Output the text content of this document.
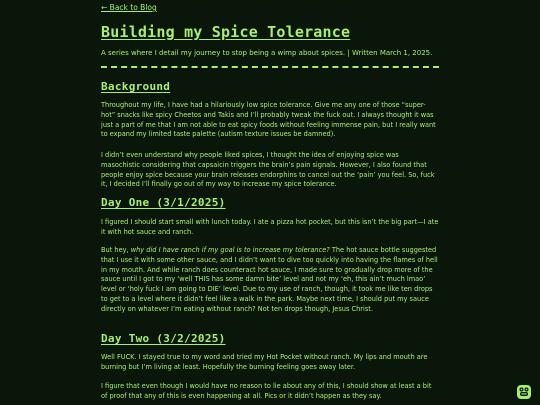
← Back to Blog
Building my Spice Tolerance
A series where I detail my journey to stop being a wimp about spices. | Written March 1, 2025.
Background
Throughout my life, I have had a hilariously low spice tolerance. Give me any one of those “super-hot” snacks like spicy Cheetos and Takis and I’ll probably tweak the fuck out. I always thought it was just a part of me that I am not able to eat spicy foods without feeling immense pain, but I really want to expand my limited taste palette (autism texture issues be damned).
I didn’t even understand why people liked spices, I thought the idea of enjoying spice was masochistic considering that capsaicin triggers the brain’s pain signals. However, I also found that people enjoy spice because your brain releases endorphins to cancel out the ‘pain’ you feel. So, fuck it, I decided I’ll finally go out of my way to increase my spice tolerance.
Day One (3/1/2025)
I figured I should start small with lunch today. I ate a pizza hot pocket, but this isn’t the big part—I ate it with hot sauce and ranch.
But hey, why did I have ranch if my goal is to increase my tolerance? The hot sauce bottle suggested that I use it with some other sauce, and I didn’t want to dive too quickly into having the flames of hell in my mouth. And while ranch does counteract hot sauce, I made sure to gradually drop more of the sauce until I got to my ‘well THIS has some damn bite’ level and not my ‘eh, this ain’t much lmao’ level or ‘holy fuck I am going to DIE’ level. Due to my use of ranch, though, it took me like ten drops to get to a level where it didn’t feel like a walk in the park. Maybe next time, I should put my sauce directly on whatever I’m eating without ranch? Not ten drops though, Jesus Christ.
Day Two (3/2/2025)
Well FUCK. I stayed true to my word and tried my Hot Pocket without ranch. My lips and mouth are burning but I’m living at least. Hopefully the burning feeling goes away later.
I figure that even though I would have no reason to lie about any of this, I should show at least a bit of proof that any of this is even happening at all. Pics or it didn’t happen as they say.
